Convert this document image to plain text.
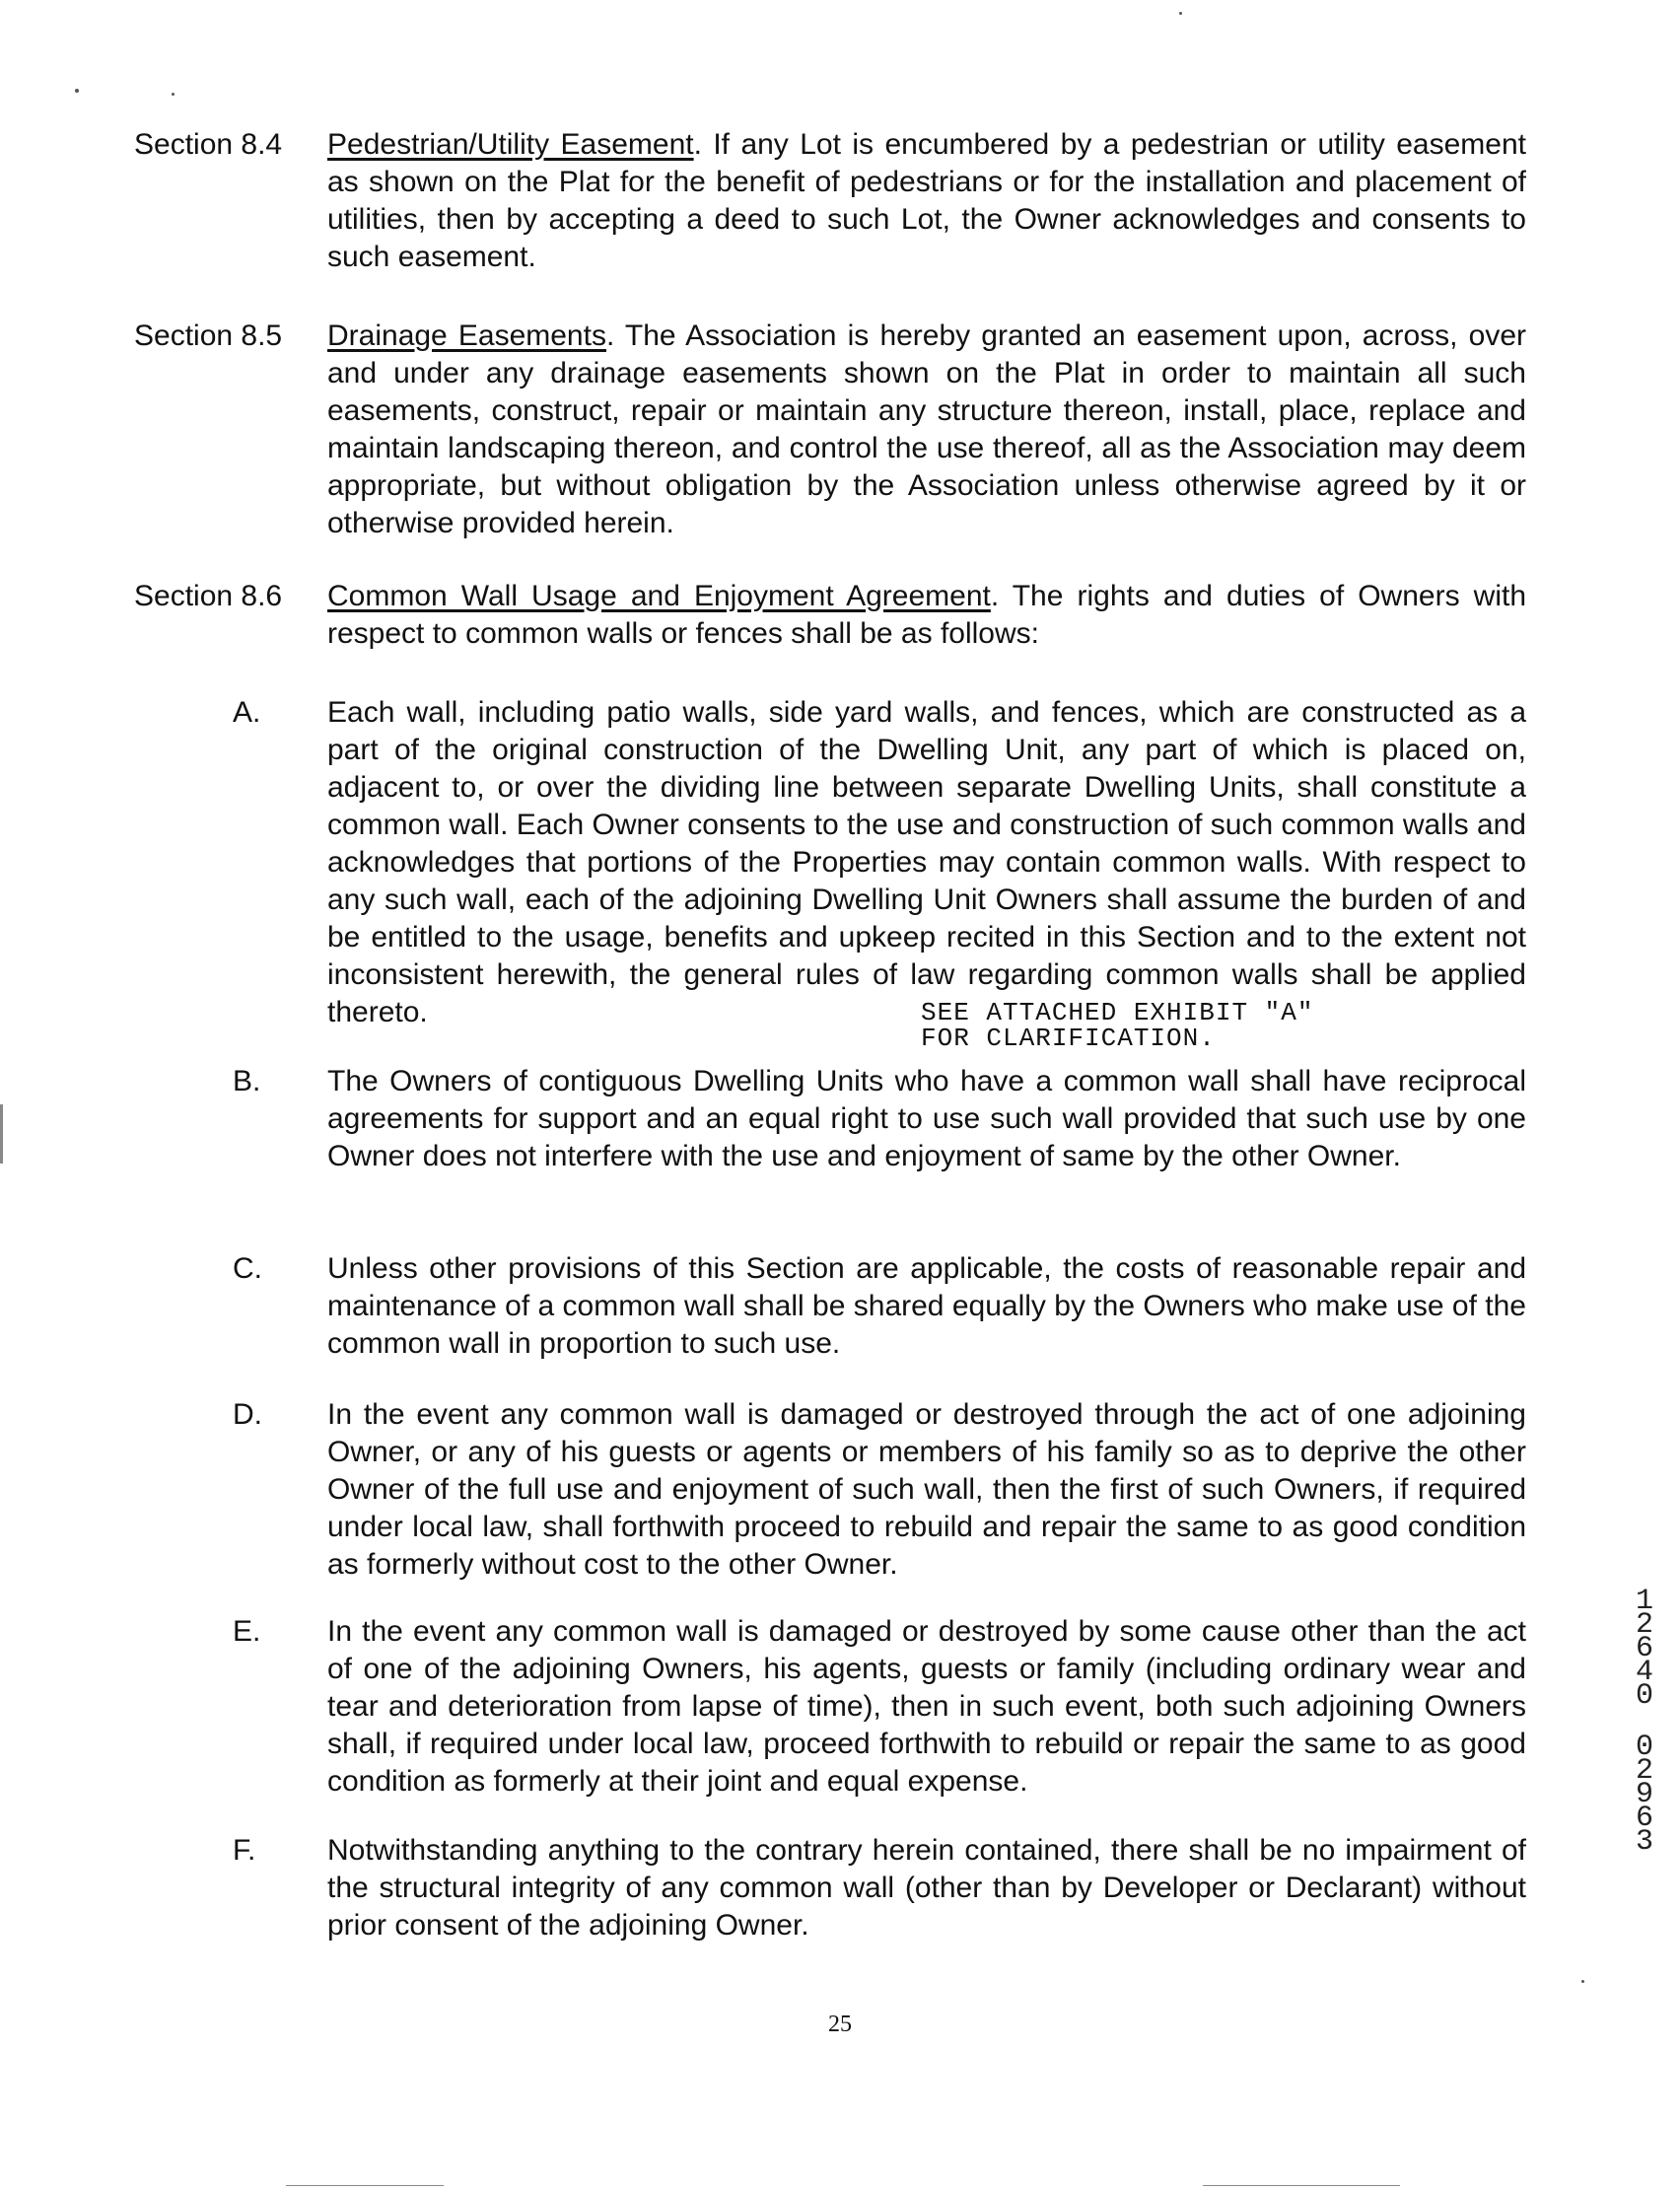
Section 8.4 Pedestrian/Utility Easement. If any Lot is encumbered by a pedestrian or utility easement as shown on the Plat for the benefit of pedestrians or for the installation and placement of utilities, then by accepting a deed to such Lot, the Owner acknowledges and consents to such easement.
Section 8.5 Drainage Easements. The Association is hereby granted an easement upon, across, over and under any drainage easements shown on the Plat in order to maintain all such easements, construct, repair or maintain any structure thereon, install, place, replace and maintain landscaping thereon, and control the use thereof, all as the Association may deem appropriate, but without obligation by the Association unless otherwise agreed by it or otherwise provided herein.
Section 8.6 Common Wall Usage and Enjoyment Agreement. The rights and duties of Owners with respect to common walls or fences shall be as follows:
A. Each wall, including patio walls, side yard walls, and fences, which are constructed as a part of the original construction of the Dwelling Unit, any part of which is placed on, adjacent to, or over the dividing line between separate Dwelling Units, shall constitute a common wall. Each Owner consents to the use and construction of such common walls and acknowledges that portions of the Properties may contain common walls. With respect to any such wall, each of the adjoining Dwelling Unit Owners shall assume the burden of and be entitled to the usage, benefits and upkeep recited in this Section and to the extent not inconsistent herewith, the general rules of law regarding common walls shall be applied thereto.	SEE ATTACHED EXHIBIT "A"
FOR CLARIFICATION.
B. The Owners of contiguous Dwelling Units who have a common wall shall have reciprocal agreements for support and an equal right to use such wall provided that such use by one Owner does not interfere with the use and enjoyment of same by the other Owner.
C. Unless other provisions of this Section are applicable, the costs of reasonable repair and maintenance of a common wall shall be shared equally by the Owners who make use of the common wall in proportion to such use.
D. In the event any common wall is damaged or destroyed through the act of one adjoining Owner, or any of his guests or agents or members of his family so as to deprive the other Owner of the full use and enjoyment of such wall, then the first of such Owners, if required under local law, shall forthwith proceed to rebuild and repair the same to as good condition as formerly without cost to the other Owner.
E. In the event any common wall is damaged or destroyed by some cause other than the act of one of the adjoining Owners, his agents, guests or family (including ordinary wear and tear and deterioration from lapse of time), then in such event, both such adjoining Owners shall, if required under local law, proceed forthwith to rebuild or repair the same to as good condition as formerly at their joint and equal expense.
F. Notwithstanding anything to the contrary herein contained, there shall be no impairment of the structural integrity of any common wall (other than by Developer or Declarant) without prior consent of the adjoining Owner.
25
1
2
6
4
0
0
2
9
6
3
